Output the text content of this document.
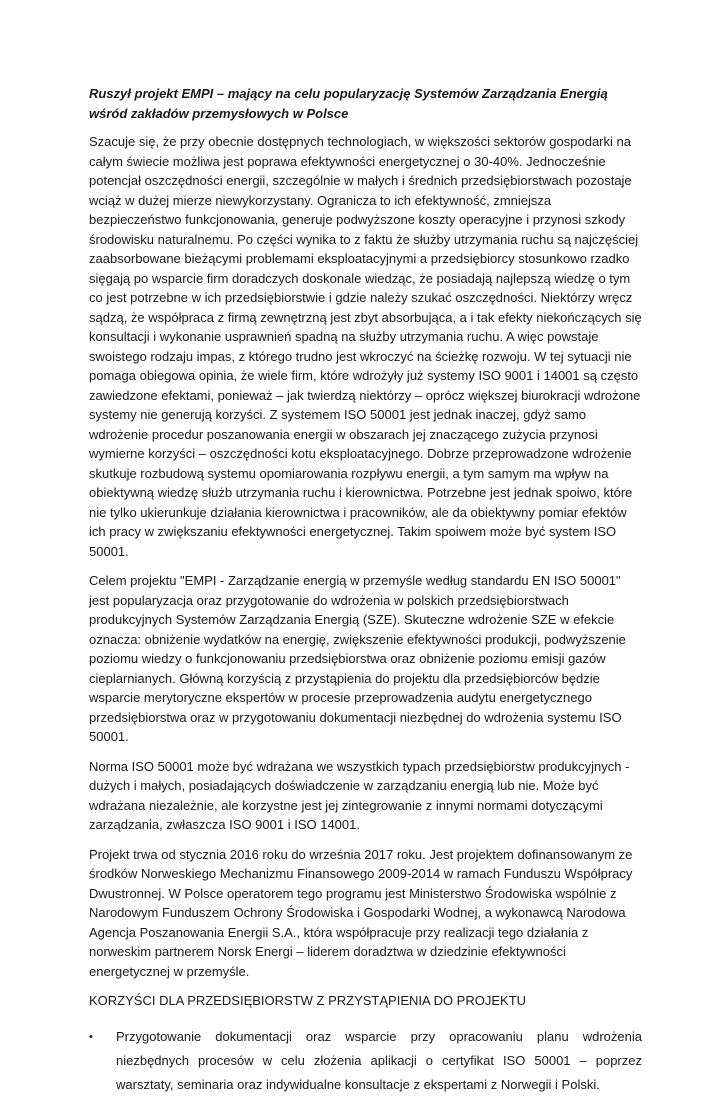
Ruszył projekt EMPI – mający na celu popularyzację Systemów Zarządzania Energią wśród zakładów przemysłowych w Polsce

Szacuje się, że przy obecnie dostępnych technologiach, w większości sektorów gospodarki na całym świecie możliwa jest poprawa efektywności energetycznej o 30-40%. Jednocześnie potencjał oszczędności energii, szczególnie w małych i średnich przedsiębiorstwach pozostaje wciąż w dużej mierze niewykorzystany. Ogranicza to ich efektywność, zmniejsza bezpieczeństwo funkcjonowania, generuje podwyższone koszty operacyjne i przynosi szkody środowisku naturalnemu. Po części wynika to z faktu że służby utrzymania ruchu są najczęściej zaabsorbowane bieżącymi problemami eksploatacyjnymi a przedsiębiorcy stosunkowo rzadko sięgają po wsparcie firm doradczych doskonale wiedząc, że posiadają najlepszą wiedzę o tym co jest potrzebne w ich przedsiębiorstwie i gdzie należy szukać oszczędności. Niektórzy wręcz sądzą, że współpraca z firmą zewnętrzną jest zbyt absorbująca, a i tak efekty niekończących się konsultacji i wykonanie usprawnień spadną na służby utrzymania ruchu. A więc powstaje swoistego rodzaju impas, z którego trudno jest wkroczyć na ścieżkę rozwoju. W tej sytuacji nie pomaga obiegowa opinia, że wiele firm, które wdrożyły już systemy ISO 9001 i 14001 są często zawiedzone efektami, ponieważ – jak twierdzą niektórzy – oprócz większej biurokracji wdrożone systemy nie generują korzyści. Z systemem ISO 50001 jest jednak inaczej, gdyż samo wdrożenie procedur poszanowania energii w obszarach jej znaczącego zużycia przynosi wymierne korzyści – oszczędności kotu eksploatacyjnego. Dobrze przeprowadzone wdrożenie skutkuje rozbudową systemu opomiarowania rozpływu energii, a tym samym ma wpływ na obiektywną wiedzę służb utrzymania ruchu i kierownictwa. Potrzebne jest jednak spoiwo, które nie tylko ukierunkuje działania kierownictwa i pracowników, ale da obiektywny pomiar efektów ich pracy w zwiększaniu efektywności energetycznej. Takim spoiwem może być system ISO 50001.

Celem projektu "EMPI - Zarządzanie energią w przemyśle według standardu EN ISO 50001" jest popularyzacja oraz przygotowanie do wdrożenia w polskich przedsiębiorstwach produkcyjnych Systemów Zarządzania Energią (SZE). Skuteczne wdrożenie SZE w efekcie oznacza: obniżenie wydatków na energię, zwiększenie efektywności produkcji, podwyższenie poziomu wiedzy o funkcjonowaniu przedsiębiorstwa oraz obniżenie poziomu emisji gazów cieplarnianych. Główną korzyścią z przystąpienia do projektu dla przedsiębiorców będzie wsparcie merytoryczne ekspertów w procesie przeprowadzenia audytu energetycznego przedsiębiorstwa oraz w przygotowaniu dokumentacji niezbędnej do wdrożenia systemu ISO 50001.

Norma ISO 50001 może być wdrażana we wszystkich typach przedsiębiorstw produkcyjnych - dużych i małych, posiadających doświadczenie w zarządzaniu energią lub nie. Może być wdrażana niezależnie, ale korzystne jest jej zintegrowanie z innymi normami dotyczącymi zarządzania, zwłaszcza ISO 9001 i ISO 14001.

Projekt trwa od stycznia 2016 roku do września 2017 roku. Jest projektem dofinansowanym ze środków Norweskiego Mechanizmu Finansowego 2009-2014 w ramach Funduszu Współpracy Dwustronnej. W Polsce operatorem tego programu jest Ministerstwo Środowiska wspólnie z Narodowym Funduszem Ochrony Środowiska i Gospodarki Wodnej, a wykonawcą Narodowa Agencja Poszanowania Energii S.A., która współpracuje przy realizacji tego działania z norweskim partnerem Norsk Energi – liderem doradztwa w dziedzinie efektywności energetycznej w przemyśle.

KORZYŚCI DLA PRZEDSIĘBIORSTW Z PRZYSTĄPIENIA DO PROJEKTU

•	Przygotowanie dokumentacji oraz wsparcie przy opracowaniu planu wdrożenia niezbędnych procesów w celu złożenia aplikacji o certyfikat ISO 50001 – poprzez warsztaty, seminaria oraz indywidualne konsultacje z ekspertami z Norwegii i Polski.
